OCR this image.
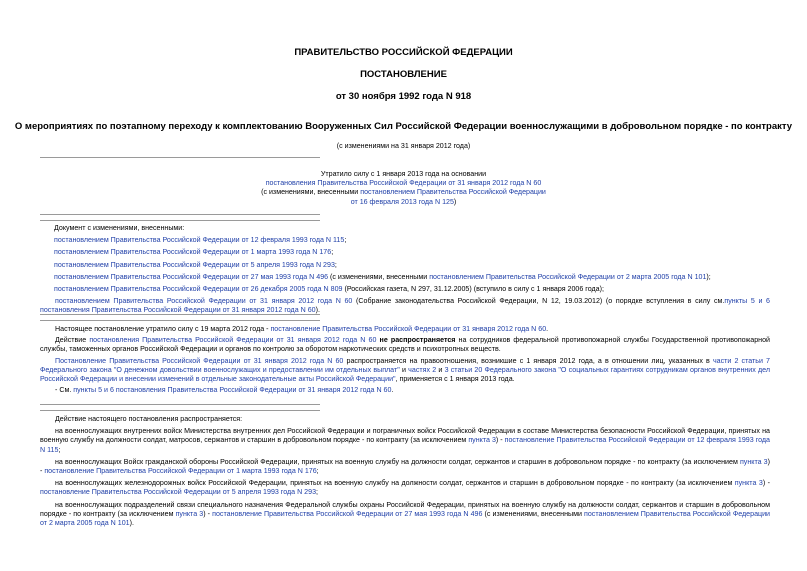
ПРАВИТЕЛЬСТВО РОССИЙСКОЙ ФЕДЕРАЦИИ
ПОСТАНОВЛЕНИЕ
от 30 ноября 1992 года N 918
О мероприятиях по поэтапному переходу к комплектованию Вооруженных Сил Российской Федерации военнослужащими в добровольном порядке - по контракту
(с изменениями на 31 января 2012 года)
Утратило силу с 1 января 2013 года на основании
постановления Правительства Российской Федерации от 31 января 2012 года N 60
(с изменениями, внесенными постановлением Правительства Российской Федерации
от 16 февраля 2013 года N 125)
Документ с изменениями, внесенными:
постановлением Правительства Российской Федерации от 12 февраля 1993 года N 115;
постановлением Правительства Российской Федерации от 1 марта 1993 года N 176;
постановлением Правительства Российской Федерации от 5 апреля 1993 года N 293;
постановлением Правительства Российской Федерации от 27 мая 1993 года N 496 (с изменениями, внесенными постановлением Правительства Российской Федерации от 2 марта 2005 года N 101);
постановлением Правительства Российской Федерации от 26 декабря 2005 года N 809 (Российская газета, N 297, 31.12.2005) (вступило в силу с 1 января 2006 года);
постановлением Правительства Российской Федерации от 31 января 2012 года N 60 (Собрание законодательства Российской Федерации, N 12, 19.03.2012) (о порядке вступления в силу см.пункты 5 и 6 постановления Правительства Российской Федерации от 31 января 2012 года N 60).
Настоящее постановление утратило силу с 19 марта 2012 года - постановление Правительства Российской Федерации от 31 января 2012 года N 60.
Действие постановления Правительства Российской Федерации от 31 января 2012 года N 60 не распространяется на сотрудников федеральной противопожарной службы Государственной противопожарной службы, таможенных органов Российской Федерации и органов по контролю за оборотом наркотических средств и психотропных веществ.
Постановление Правительства Российской Федерации от 31 января 2012 года N 60 распространяется на правоотношения, возникшие с 1 января 2012 года, а в отношении лиц, указанных в части 2 статьи 7 Федерального закона "О денежном довольствии военнослужащих и предоставлении им отдельных выплат" и частях 2 и 3 статьи 20 Федерального закона "О социальных гарантиях сотрудникам органов внутренних дел Российской Федерации и внесении изменений в отдельные законодательные акты Российской Федерации", применяется с 1 января 2013 года.
- См. пункты 5 и 6 постановления Правительства Российской Федерации от 31 января 2012 года N 60.
Действие настоящего постановления распространяется:
на военнослужащих внутренних войск Министерства внутренних дел Российской Федерации и пограничных войск Российской Федерации в составе Министерства безопасности Российской Федерации, принятых на военную службу на должности солдат, матросов, сержантов и старшин в добровольном порядке - по контракту (за исключением пункта 3) - постановление Правительства Российской Федерации от 12 февраля 1993 года N 115;
на военнослужащих Войск гражданской обороны Российской Федерации, принятых на военную службу на должности солдат, сержантов и старшин в добровольном порядке - по контракту (за исключением пункта 3) - постановление Правительства Российской Федерации от 1 марта 1993 года N 176;
на военнослужащих железнодорожных войск Российской Федерации, принятых на военную службу на должности солдат, сержантов и старшин в добровольном порядке - по контракту (за исключением пункта 3) - постановление Правительства Российской Федерации от 5 апреля 1993 года N 293;
на военнослужащих подразделений связи специального назначения Федеральной службы охраны Российской Федерации, принятых на военную службу на должности солдат, сержантов и старшин в добровольном порядке - по контракту (за исключением пункта 3) - постановление Правительства Российской Федерации от 27 мая 1993 года N 496 (с изменениями, внесенными постановлением Правительства Российской Федерации от 2 марта 2005 года N 101).
